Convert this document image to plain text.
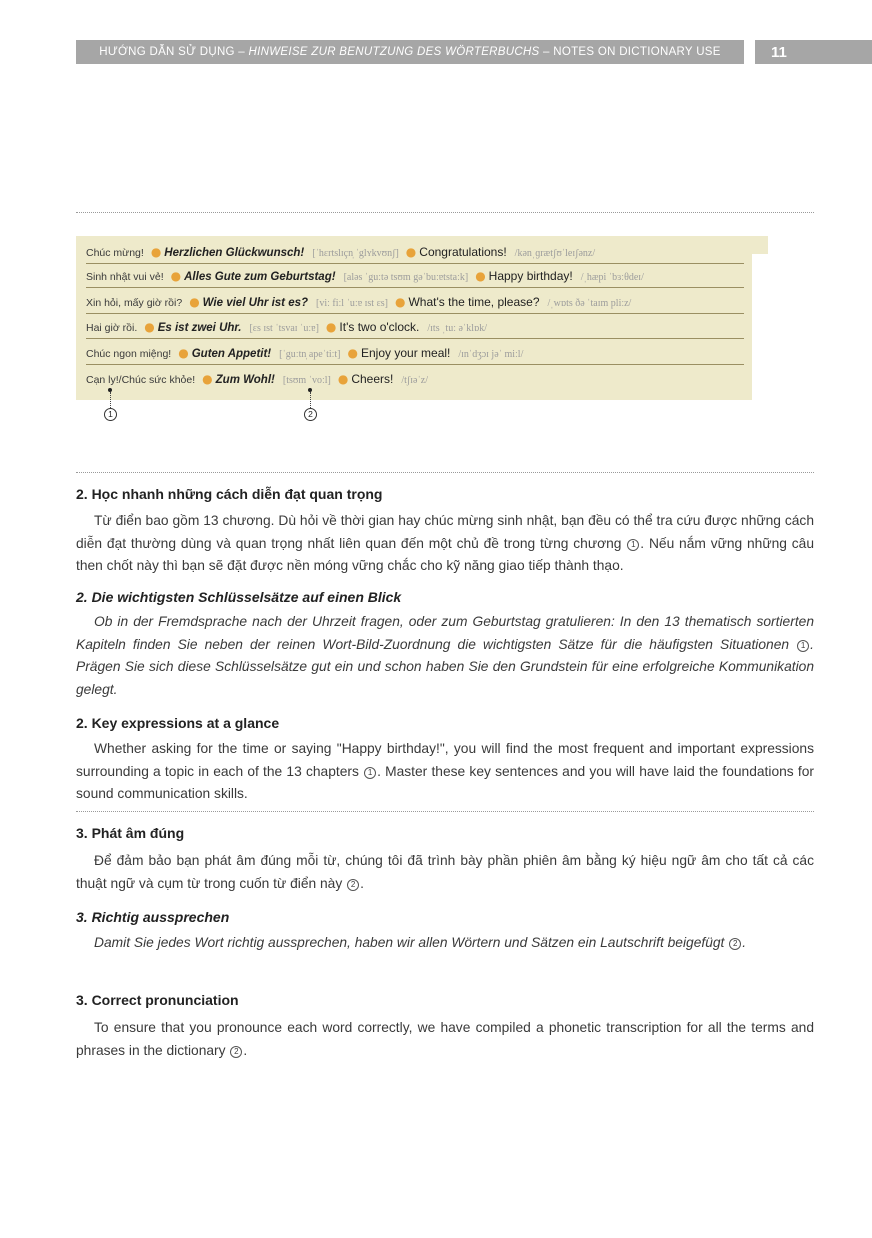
HƯỚNG DẪN SỬ DỤNG –
HINWEISE ZUR BENUTZUNG DES WÖRTERBUCHS
– NOTES ON DICTIONARY USE	11
Chúc mừng! ● Herzlichen Glückwunsch! [ˈhɛrtslɪçn̩ ˈglʏkvʊnʃ] ● Congratulations! /kənˌɡrætʃʊˈleɪʃənz/
Sinh nhật vui vẻ! ● Alles Gute zum Geburtstag! [aləs ˈguːtə tsʊm gəˈbuːɐtstaːk] ● Happy birthday! /ˌhæpi ˈbɜːθdeɪ/
Xin hỏi, mấy giờ rồi? ● Wie viel Uhr ist es? [viː fiːl ˈuːɐ ɪst ɛs] ● What's the time, please? /ˌwɒts ðə ˈtaɪm pliːz/
Hai giờ rồi. ● Es ist zwei Uhr. [ɛs ɪst ˈtsvaɪ ˈuːɐ] ● It's two o'clock. /ɪts ˌtuː əˈklɒk/
Chúc ngon miệng! ● Guten Appetit! [ˈguːtn̩ apeˈtiːt] ● Enjoy your meal! /ɪnˈdʒɔɪ jəˈ miːl/
Cạn ly!/Chúc sức khỏe! ● Zum Wohl! [tsʊm ˈvoːl] ● Cheers! /tʃɪəˈz/
1	2
2. Học nhanh những cách diễn đạt quan trọng

Từ điển bao gồm 13 chương. Dù hỏi về thời gian hay chúc mừng sinh nhật, bạn đều có thể tra cứu được những cách diễn đạt thường dùng và quan trọng nhất liên quan đến một chủ đề trong từng chương 1 . Nếu nắm vững những câu then chốt này thì bạn sẽ đặt được nền móng vững chắc cho kỹ năng giao tiếp thành thạo.

2. Die wichtigsten Schlüsselsätze auf einen Blick

Ob in der Fremdsprache nach der Uhrzeit fragen, oder zum Geburtstag gratulieren: In den 13 thematisch sortierten Kapiteln finden Sie neben der reinen Wort-Bild-Zuordnung die wichtigsten Sätze für die häufigsten Situationen 1 . Prägen Sie sich diese Schlüsselsätze gut ein und schon haben Sie den Grundstein für eine erfolgreiche Kommunikation gelegt.

2. Key expressions at a glance

Whether asking for the time or saying "Happy birthday!", you will find the most frequent and important expressions surrounding a topic in each of the 13 chapters 1 . Master these key sentences and you will have laid the foundations for sound communication skills.

3. Phát âm đúng

Để đảm bảo bạn phát âm đúng mỗi từ, chúng tôi đã trình bày phần phiên âm bằng ký hiệu ngữ âm cho tất cả các thuật ngữ và cụm từ trong cuốn từ điển này 2 .

3. Richtig aussprechen

Damit Sie jedes Wort richtig aussprechen, haben wir allen Wörtern und Sätzen ein Lautschrift beigefügt 2 .

3. Correct pronunciation

To ensure that you pronounce each word correctly, we have compiled a phonetic transcription for all the terms and phrases in the dictionary 2 .
